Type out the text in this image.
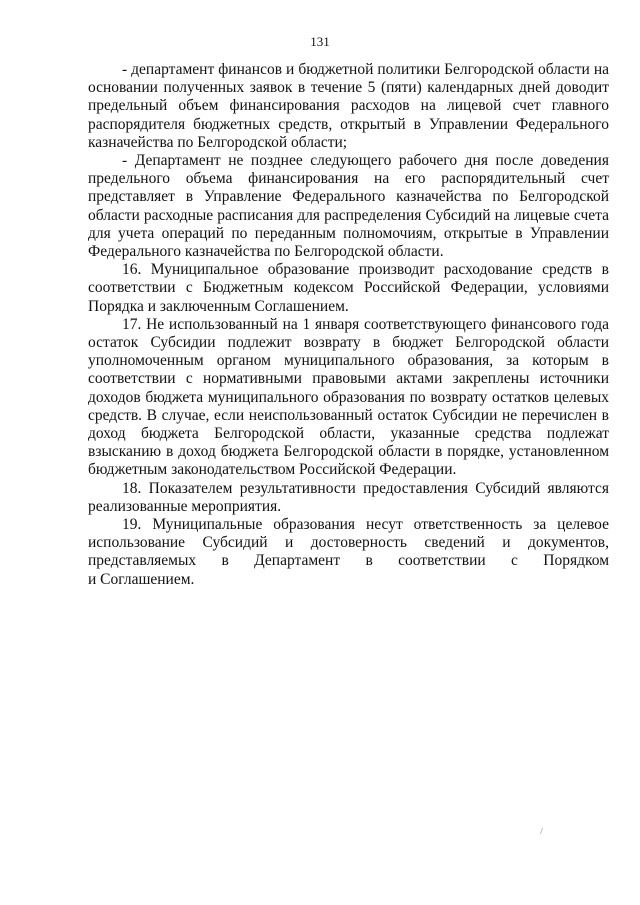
131

- департамент финансов и бюджетной политики Белгородской области на основании полученных заявок в течение 5 (пяти) календарных дней доводит предельный объем финансирования расходов на лицевой счет главного распорядителя бюджетных средств, открытый в Управлении Федерального казначейства по Белгородской области;

- Департамент не позднее следующего рабочего дня после доведения предельного объема финансирования на его распорядительный счет представляет в Управление Федерального казначейства по Белгородской области расходные расписания для распределения Субсидий на лицевые счета для учета операций по переданным полномочиям, открытые в Управлении Федерального казначейства по Белгородской области.

16. Муниципальное образование производит расходование средств в соответствии с Бюджетным кодексом Российской Федерации, условиями Порядка и заключенным Соглашением.

17. Не использованный на 1 января соответствующего финансового года остаток Субсидии подлежит возврату в бюджет Белгородской области уполномоченным органом муниципального образования, за которым в соответствии с нормативными правовыми актами закреплены источники доходов бюджета муниципального образования по возврату остатков целевых средств. В случае, если неиспользованный остаток Субсидии не перечислен в доход бюджета Белгородской области, указанные средства подлежат взысканию в доход бюджета Белгородской области в порядке, установленном бюджетным законодательством Российской Федерации.

18. Показателем результативности предоставления Субсидий являются реализованные мероприятия.

19. Муниципальные образования несут ответственность за целевое использование Субсидий и достоверность сведений и документов, представляемых в Департамент в соответствии с Порядком

и Соглашением.
